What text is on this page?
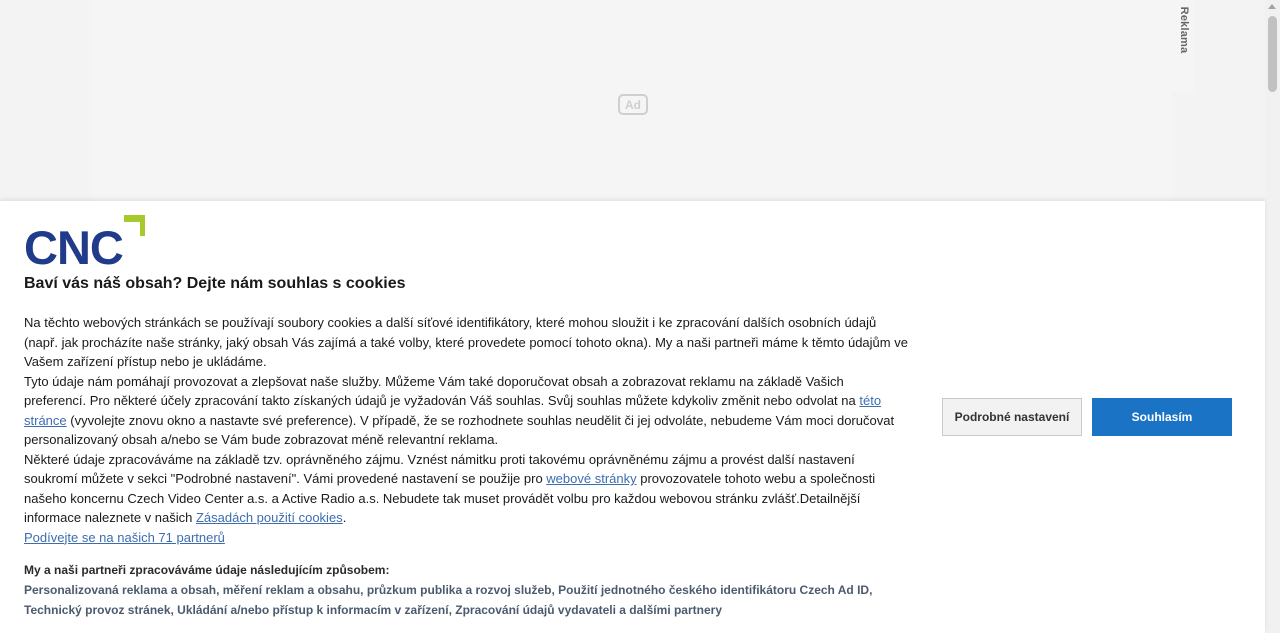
Ad
Reklama
CNC
Baví vás náš obsah? Dejte nám souhlas s cookies

Na těchto webových stránkách se používají soubory cookies a další síťové identifikátory, které mohou sloužit i ke zpracování dalších osobních údajů (např. jak procházíte naše stránky, jaký obsah Vás zajímá a také volby, které provedete pomocí tohoto okna). My a naši partneři máme k těmto údajům ve Vašem zařízení přístup nebo je ukládáme.

Tyto údaje nám pomáhají provozovat a zlepšovat naše služby. Můžeme Vám také doporučovat obsah a zobrazovat reklamu na základě Vašich preferencí. Pro některé účely zpracování takto získaných údajů je vyžadován Váš souhlas. Svůj souhlas můžete kdykoliv změnit nebo odvolat na této stránce (vyvolejte znovu okno a nastavte své preference). V případě, že se rozhodnete souhlas neudělit či jej odvoláte, nebudeme Vám moci doručovat personalizovaný obsah a/nebo se Vám bude zobrazovat méně relevantní reklama.

Některé údaje zpracováváme na základě tzv. oprávněného zájmu. Vznést námitku proti takovému oprávněnému zájmu a provést další nastavení soukromí můžete v sekci "Podrobné nastavení". Vámi provedené nastavení se použije pro webové stránky provozovatele tohoto webu a společnosti našeho koncernu Czech Video Center a.s. a Active Radio a.s. Nebudete tak muset provádět volbu pro každou webovou stránku zvlášť.Detailnější informace naleznete v našich Zásadách použití cookies.

Podívejte se na našich 71 partnerů

My a naši partneři zpracováváme údaje následujícím způsobem:
Personalizovaná reklama a obsah, měření reklam a obsahu, průzkum publika a rozvoj služeb, Použití jednotného českého identifikátoru Czech Ad ID, Technický provoz stránek, Ukládání a/nebo přístup k informacím v zařízení, Zpracování údajů vydavateli a dalšími partnery
Podrobné nastavení	Souhlasím
